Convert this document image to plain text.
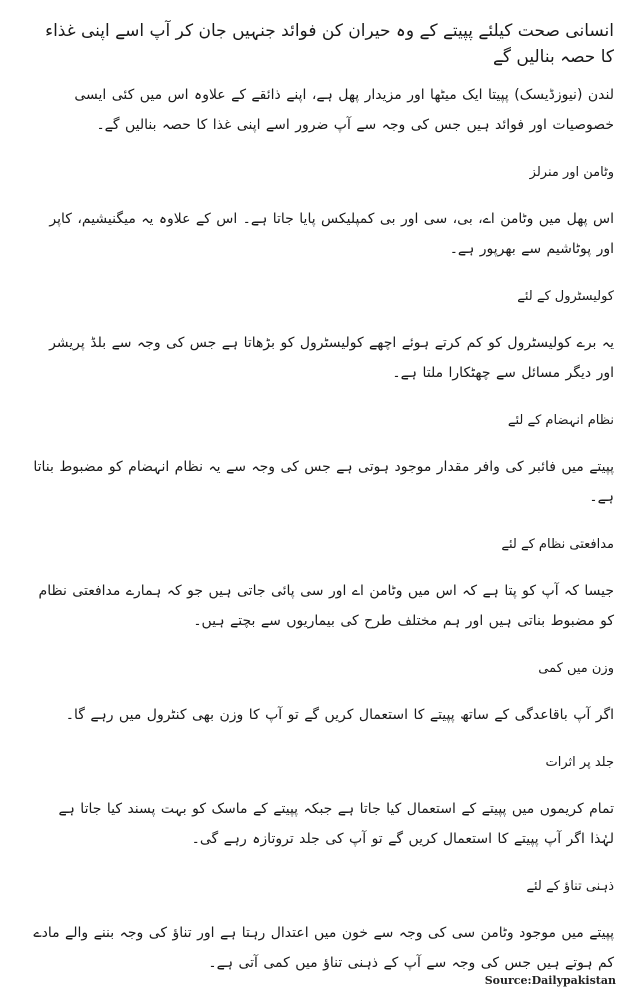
انسانی صحت کیلئے پپیتے کے وہ حیران کن فوائد جنہیں جان کر آپ اسے اپنی غذاء کا حصہ بنالیں گے

لندن (نیوزڈیسک) پپیتا ایک میٹھا اور مزیدار پھل ہے، اپنے ذائقے کے علاوہ اس میں کئی ایسی خصوصیات اور فوائد ہیں جس کی وجہ سے آپ ضرور اسے اپنی غذا کا حصہ بنالیں گے۔

وٹامن اور منرلز

اس پھل میں وٹامن اے، بی، سی اور بی کمپلیکس پایا جاتا ہے۔ اس کے علاوہ یہ میگنیشیم، کاپر اور پوٹاشیم سے بھرپور ہے۔

کولیسٹرول کے لئے

یہ برے کولیسٹرول کو کم کرتے ہوئے اچھے کولیسٹرول کو بڑھاتا ہے جس کی وجہ سے بلڈ پریشر اور دیگر مسائل سے چھٹکارا ملتا ہے۔

نظام انہضام کے لئے

پپیتے میں فائبر کی وافر مقدار موجود ہوتی ہے جس کی وجہ سے یہ نظام انہضام کو مضبوط بناتا ہے۔

مدافعتی نظام کے لئے

جیسا کہ آپ کو پتا ہے کہ اس میں وٹامن اے اور سی پائی جاتی ہیں جو کہ ہمارے مدافعتی نظام کو مضبوط بناتی ہیں اور ہم مختلف طرح کی بیماریوں سے بچتے ہیں۔

وزن میں کمی

اگر آپ باقاعدگی کے ساتھ پپیتے کا استعمال کریں گے تو آپ کا وزن بھی کنٹرول میں رہے گا۔

جلد پر اثرات

تمام کریموں میں پپیتے کے استعمال کیا جاتا ہے جبکہ پپیتے کے ماسک کو بہت پسند کیا جاتا ہے لہٰذا اگر آپ پپیتے کا استعمال کریں گے تو آپ کی جلد تروتازہ رہے گی۔

ذہنی تناؤ کے لئے

پپیتے میں موجود وٹامن سی کی وجہ سے خون میں اعتدال رہتا ہے اور تناؤ کی وجہ بننے والے مادے کم ہوتے ہیں جس کی وجہ سے آپ کے ذہنی تناؤ میں کمی آتی ہے۔

Source:Dailypakistan
